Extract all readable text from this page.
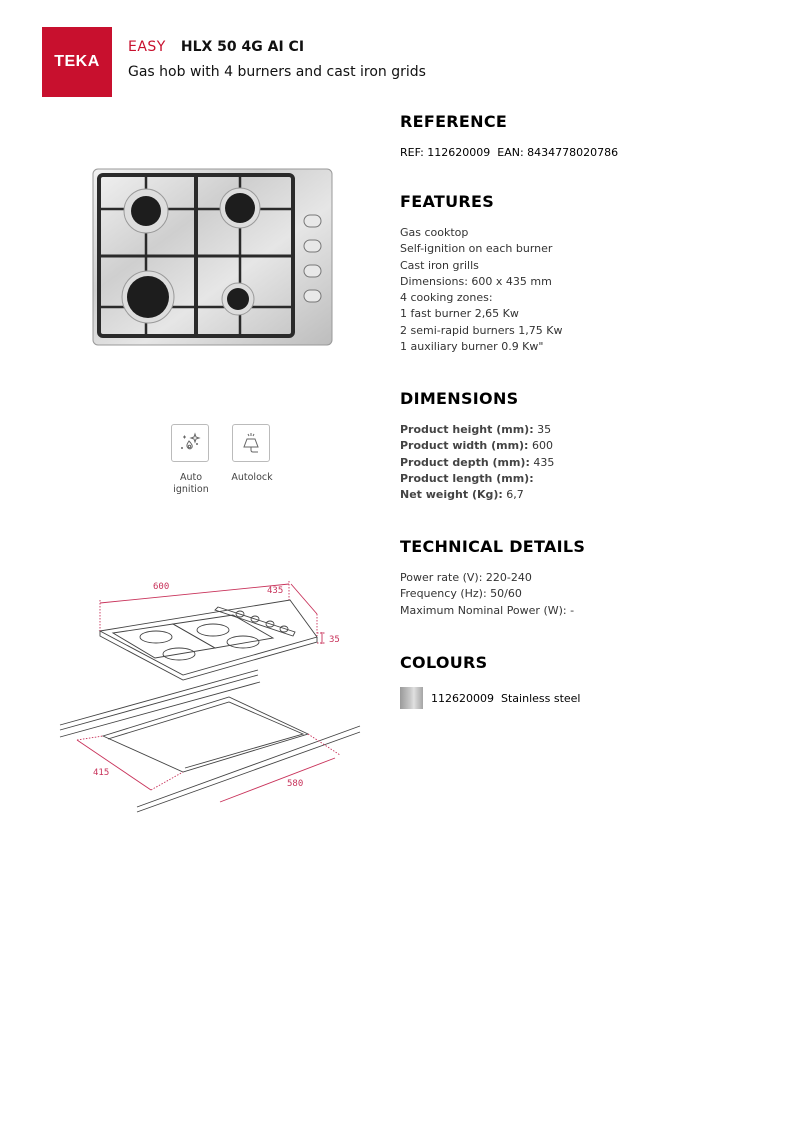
TEKA
EASY HLX 50 4G AI CI
Gas hob with 4 burners and cast iron grids
Auto
ignition
Autolock
600	435
35
415
580
REFERENCE
REF: 112620009  EAN: 8434778020786
FEATURES
Gas cooktop
Self-ignition on each burner
Cast iron grills
Dimensions: 600 x 435 mm
4 cooking zones:
1 fast burner 2,65 Kw
2 semi-rapid burners 1,75 Kw
1 auxiliary burner 0.9 Kw"
DIMENSIONS
Product height (mm): 35
Product width (mm): 600
Product depth (mm): 435
Product length (mm):
Net weight (Kg): 6,7
TECHNICAL DETAILS
Power rate (V): 220-240
Frequency (Hz): 50/60
Maximum Nominal Power (W): -
COLOURS
112620009 Stainless steel
